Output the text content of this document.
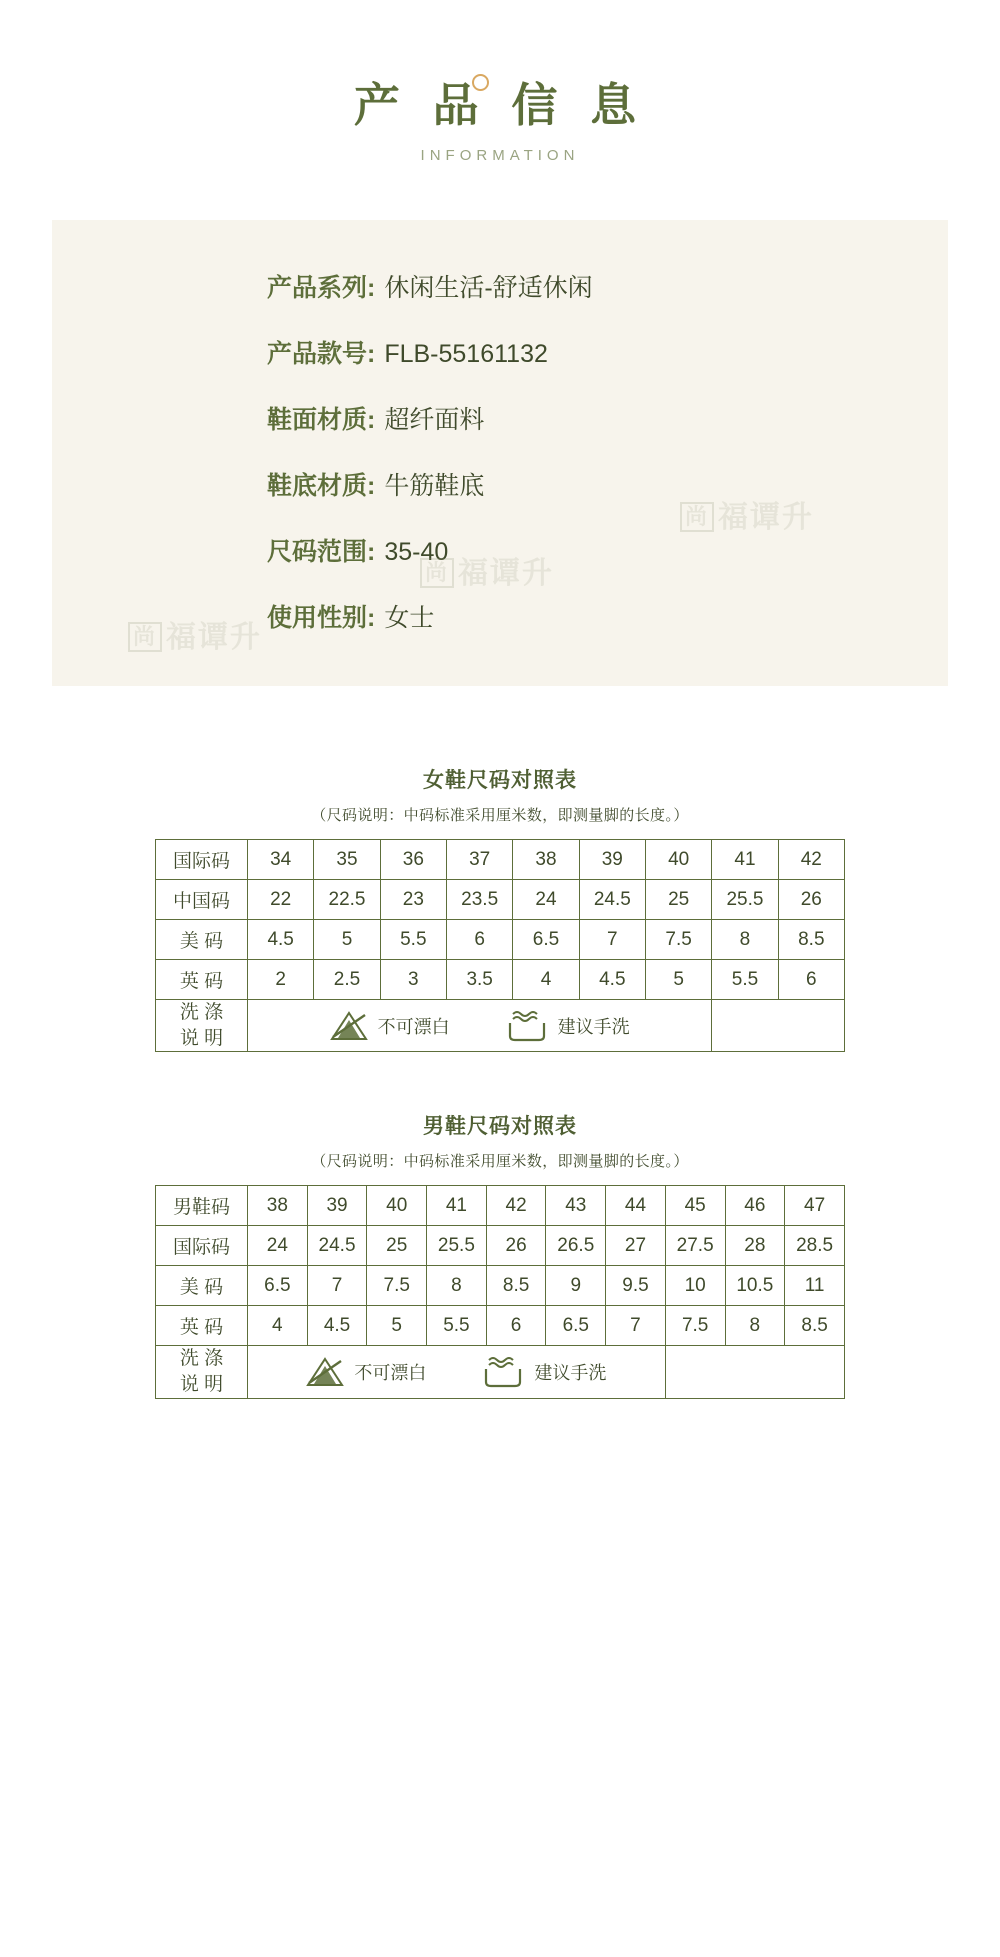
产 品 信 息
INFORMATION
产品系列: 休闲生活-舒适休闲
产品款号: FLB-55161132
鞋面材质: 超纤面料
鞋底材质: 牛筋鞋底
尺码范围: 35-40
使用性别: 女士
女鞋尺码对照表
（尺码说明：中码标准采用厘米数，即测量脚的长度。）
国际码	34	35	36	37	38	39	40	41	42
中国码	22	22.5	23	23.5	24	24.5	25	25.5	26
美 码	4.5	5	5.5	6	6.5	7	7.5	8	8.5
英 码	2	2.5	3	3.5	4	4.5	5	5.5	6

洗 涤
说 明

不可漂白	建议手洗

男鞋尺码对照表
（尺码说明：中码标准采用厘米数，即测量脚的长度。）
男鞋码	38	39	40	41	42	43	44	45	46	47
国际码	24	24.5	25	25.5	26	26.5	27	27.5	28	28.5
美 码	6.5	7	7.5	8	8.5	9	9.5	10	10.5	11
英 码	4	4.5	5	5.5	6	6.5	7	7.5	8	8.5

洗 涤
说 明

不可漂白	建议手洗
